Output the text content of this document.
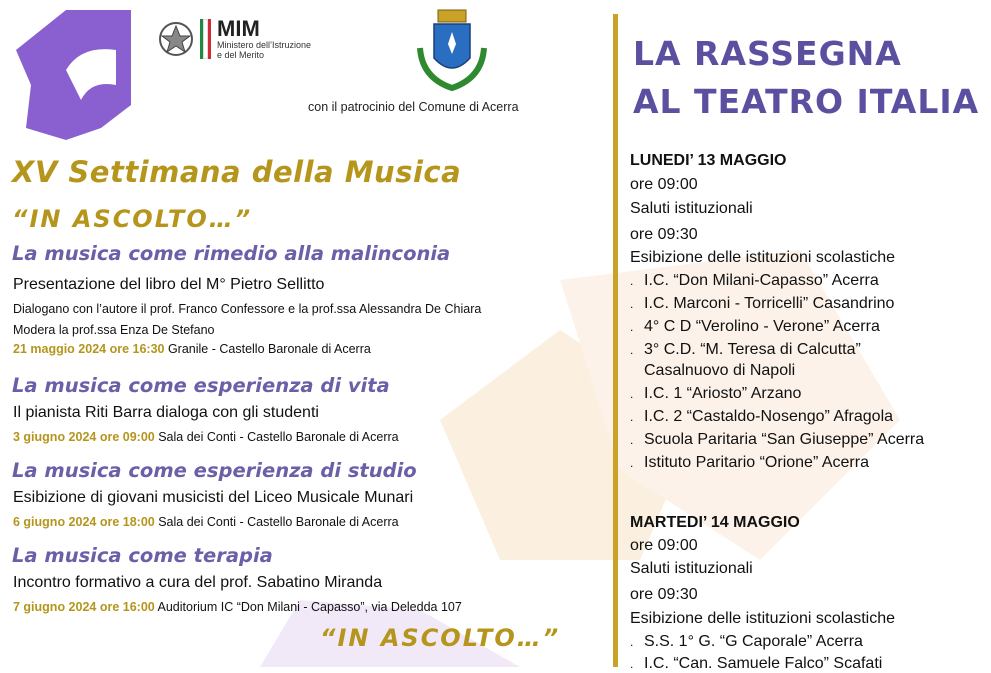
MIM
Ministero dell’Istruzione
e del Merito
con il patrocinio del Comune di Acerra
XV Settimana della Musica
“IN ASCOLTO…”
La musica come rimedio alla malinconia
Presentazione del libro del M° Pietro Sellitto
Dialogano con l’autore il prof. Franco Confessore e la prof.ssa Alessandra De Chiara
Modera la prof.ssa Enza De Stefano
21 maggio 2024 ore 16:30 Granile - Castello Baronale di Acerra
La musica come esperienza di vita
Il pianista Riti Barra dialoga con gli studenti
3 giugno 2024 ore 09:00 Sala dei Conti - Castello Baronale di Acerra
La musica come esperienza di studio
Esibizione di giovani musicisti del Liceo Musicale Munari
6 giugno 2024 ore 18:00 Sala dei Conti - Castello Baronale di Acerra
La musica come terapia
Incontro formativo a cura del prof. Sabatino Miranda
7 giugno 2024 ore 16:00 Auditorium IC “Don Milani - Capasso”, via Deledda 107
“IN ASCOLTO…”
LA RASSEGNA
AL TEATRO ITALIA
LUNEDI’ 13 MAGGIO
ore 09:00
Saluti istituzionali
ore 09:30
Esibizione delle istituzioni scolastiche
. I.C. “Don Milani-Capasso” Acerra
. I.C. Marconi - Torricelli” Casandrino
. 4° C D “Verolino - Verone” Acerra
. 3° C.D. “M. Teresa di Calcutta”
Casalnuovo di Napoli
. I.C. 1 “Ariosto” Arzano
. I.C. 2 “Castaldo-Nosengo” Afragola
. Scuola Paritaria “San Giuseppe” Acerra
. Istituto Paritario “Orione” Acerra
MARTEDI’ 14 MAGGIO
ore 09:00
Saluti istituzionali
ore 09:30
Esibizione delle istituzioni scolastiche
. S.S. 1° G. “G Caporale” Acerra
. I.C. “Can. Samuele Falco” Scafati
